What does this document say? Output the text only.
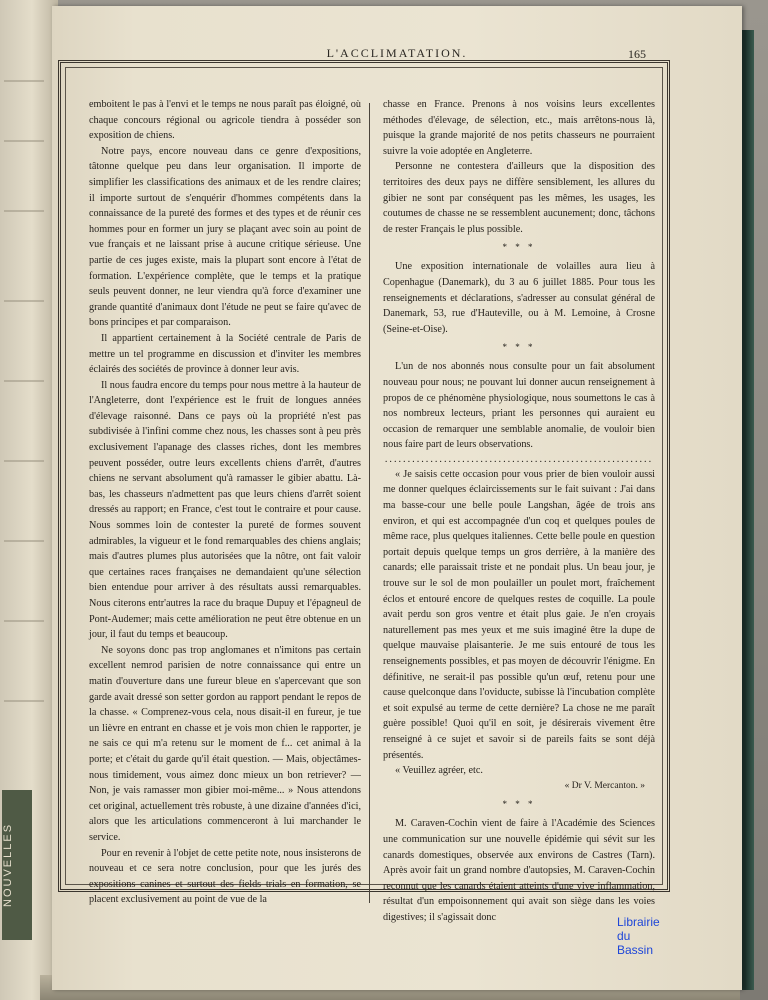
NOUVELLES
L'ACCLIMATATION.	165

emboitent le pas à l'envi et le temps ne nous paraît pas éloigné, où chaque concours régional ou agricole tiendra à posséder son exposition de chiens.

Notre pays, encore nouveau dans ce genre d'expositions, tâtonne quelque peu dans leur organisation. Il importe de simplifier les classifications des animaux et de les rendre claires; il importe surtout de s'enquérir d'hommes compétents dans la connaissance de la pureté des formes et des types et de réunir ces hommes pour en former un jury se plaçant avec soin au point de vue français et ne laissant prise à aucune critique sérieuse. Une partie de ces juges existe, mais la plupart sont encore à l'état de formation. L'expérience complète, que le temps et la pratique seuls peuvent donner, ne leur viendra qu'à force d'examiner une grande quantité d'animaux dont l'étude ne peut se faire qu'avec de bons principes et par comparaison.

Il appartient certainement à la Société centrale de Paris de mettre un tel programme en discussion et d'inviter les membres éclairés des sociétés de province à donner leur avis.

Il nous faudra encore du temps pour nous mettre à la hauteur de l'Angleterre, dont l'expérience est le fruit de longues années d'élevage raisonné. Dans ce pays où la propriété n'est pas subdivisée à l'infini comme chez nous, les chasses sont à peu près exclusivement l'apanage des classes riches, dont les membres peuvent posséder, outre leurs excellents chiens d'arrêt, d'autres chiens ne servant absolument qu'à ramasser le gibier abattu. Là-bas, les chasseurs n'admettent pas que leurs chiens d'arrêt soient dressés au rapport; en France, c'est tout le contraire et pour cause. Nous sommes loin de contester la pureté de formes souvent admirables, la vigueur et le fond remarquables des chiens anglais; mais d'autres plumes plus autorisées que la nôtre, ont fait valoir que certaines races françaises ne demandaient qu'une sélection bien entendue pour arriver à des résultats aussi remarquables. Nous citerons entr'autres la race du braque Dupuy et l'épagneul de Pont-Audemer; mais cette amélioration ne peut être obtenue en un jour, il faut du temps et beaucoup.

Ne soyons donc pas trop anglomanes et n'imitons pas certain excellent nemrod parisien de notre connaissance qui entre un matin d'ouverture dans une fureur bleue en s'apercevant que son garde avait dressé son setter gordon au rapport pendant le repos de la chasse. « Comprenez-vous cela, nous disait-il en fureur, je tue un lièvre en entrant en chasse et je vois mon chien le rapporter, je ne sais ce qui m'a retenu sur le moment de f... cet animal à la porte; et c'était du garde qu'il était question. — Mais, objectâmes-nous timidement, vous aimez donc mieux un bon retriever? — Non, je vais ramasser mon gibier moi-même... » Nous attendons cet original, actuellement très robuste, à une dizaine d'années d'ici, alors que les articulations commenceront à lui marchander le service.

Pour en revenir à l'objet de cette petite note, nous insisterons de nouveau et ce sera notre conclusion, pour que les jurés des expositions canines et surtout des fields trials en formation, se placent exclusivement au point de vue de la

chasse en France. Prenons à nos voisins leurs excellentes méthodes d'élevage, de sélection, etc., mais arrêtons-nous là, puisque la grande majorité de nos petits chasseurs ne pourraient suivre la voie adoptée en Angleterre.

Personne ne contestera d'ailleurs que la disposition des territoires des deux pays ne diffère sensiblement, les allures du gibier ne sont par conséquent pas les mêmes, les usages, les coutumes de chasse ne se ressemblent aucunement; donc, tâchons de rester Français le plus possible.

* * *

Une exposition internationale de volailles aura lieu à Copenhague (Danemark), du 3 au 6 juillet 1885. Pour tous les renseignements et déclarations, s'adresser au consulat général de Danemark, 53, rue d'Hauteville, ou à M. Lemoine, à Crosne (Seine-et-Oise).

* * *

L'un de nos abonnés nous consulte pour un fait absolument nouveau pour nous; ne pouvant lui donner aucun renseignement à propos de ce phénomène physiologique, nous soumettons le cas à nos nombreux lecteurs, priant les personnes qui auraient eu occasion de remarquer une semblable anomalie, de vouloir bien nous faire part de leurs observations.

...........................................................

« Je saisis cette occasion pour vous prier de bien vouloir aussi me donner quelques éclaircissements sur le fait suivant : J'ai dans ma basse-cour une belle poule Langshan, âgée de trois ans environ, et qui est accompagnée d'un coq et quelques poules de même race, plus quelques italiennes. Cette belle poule en question portait depuis quelque temps un gros derrière, à la manière des canards; elle paraissait triste et ne pondait plus. Un beau jour, je trouve sur le sol de mon poulailler un poulet mort, fraîchement éclos et entouré encore de quelques restes de coquille. La poule avait perdu son gros ventre et était plus gaie. Je n'en croyais naturellement pas mes yeux et me suis imaginé être la dupe de quelque mauvaise plaisanterie. Je me suis entouré de tous les renseignements possibles, et pas moyen de découvrir l'énigme. En définitive, ne serait-il pas possible qu'un œuf, retenu pour une cause quelconque dans l'oviducte, subisse là l'incubation complète et soit expulsé au terme de cette dernière? La chose ne me paraît guère possible! Quoi qu'il en soit, je désirerais vivement être renseigné à ce sujet et savoir si de pareils faits se sont déjà présentés.

« Veuillez agréer, etc.

« Dr V. Mercanton. »
* * *

M. Caraven-Cochin vient de faire à l'Académie des Sciences une communication sur une nouvelle épidémie qui sévit sur les canards domestiques, observée aux environs de Castres (Tarn). Après avoir fait un grand nombre d'autopsies, M. Caraven-Cochin reconnut que les canards étaient atteints d'une vive inflammation, résultat d'un empoisonnement qui avait son siège dans les voies digestives; il s'agissait donc	Librairie du Bassin
